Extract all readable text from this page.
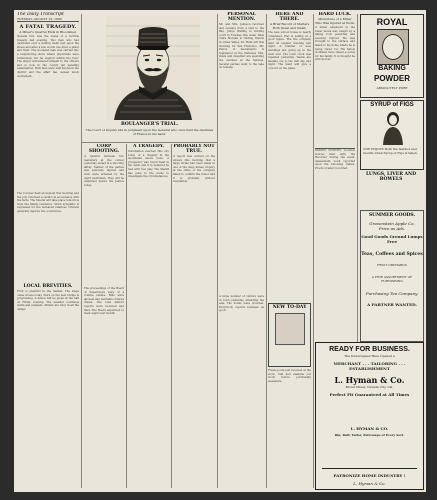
The Daily Transcript
TUESDAY, AUGUST 19, 1890
A FATAL TRAGEDY.
A Miner's Quarrel Ends in Bloodshed.
Nevada City was the scene of a terrible tragedy last evening. Two men who had quarreled over a mining claim met upon the street and after a few words one drew a pistol and fired. The wounded man was carried into a neighboring store where physicians were summoned, but he expired within the hour. The slayer surrendered himself to the officers and is now in the county jail awaiting examination. Both men were well known in the district and the affair has caused much excitement.
The Coroner held an inquest this morning and the jury returned a verdict in accordance with the facts. The funeral will take place tomorrow from the family residence. Much sympathy is expressed for the bereaved relatives. Citizens generally deplore the occurrence.
LOCAL BREVITIES.
Fruit is plentiful in the market. The stage came in late today. Work on the new bridge is progressing. A dance will be given at the hall on Friday evening. The weather continues warm and pleasant. Miners are busy in all the camps.
BOULANGER'S TRIAL.
The Court of Inquiry sits in judgment upon the General who once held the destinies of France in his hand.
CORP SHOOTING.
A quarrel between two teamsters at the corner yesterday ended in a shooting affray. Neither of the parties was seriously injured and both were arrested by the night watchman. They will be examined before the Justice today.
The proceedings of the Board of Supervisors were of a routine nature. Bills were allowed and warrants ordered drawn. The road district reports were received and filed. The Board adjourned to meet again next month.
A TRAGEDY.
Information reached this city today of a tragedy in the mountains above town. A prospector was found dead in his cabin and it is believed he met with foul play. The Sheriff has gone to the scene to investigate the circumstances.
PROBABLY NOT TRUE.
A report was current on the streets this morning that a large strike had been made in one of the deep mines. Inquiry at the office of the company failed to confirm the rumor and it is probably without foundation.
PERSONAL MENTION.
Mr. and Mrs. Johnson returned last evening from a visit to the Bay. Judge Walling is holding court in Truckee this week. Miss Clara Morgan is visiting friends in Grass Valley. Dr. Hunt left this morning for San Francisco. Mr. Pierce of Sacramento is registered at the National. Mrs. Davis and daughter are spending the summer at the Springs. Several parties went to the lake on Sunday.
A large number of visitors were in town yesterday attending the sale. The hotels were crowded. Everybody reports business as good.
HERE AND THERE.
A Brief Record of Matters Both Great and Small.
The new school house is nearly completed. Hay is selling at a good figure. The fire company held its regular meeting last night. A number of new buildings are going up in the west end. The town clock was repaired yesterday. Teams are hauling ore to the mill day and night. The band will give a concert on the plaza.
NEW TO-DAY
Fresh goods just received at the store. Call and examine our stock before purchasing elsewhere.
HARD LUCK.
Misfortune of a Miner Who Was Injured at Work.
A miner employed in the lower levels was caught by a falling rock yesterday and severely injured. He was brought to the surface and taken to his home where he is being cared for. His fellow workmen have raised a purse for his family. It is thought he will recover.
MINING NOTICES. Location notices filed with the Recorder during the week. Assessment work reported upon the following claims. Proofs of labor recorded.
ROYAL
BAKING
POWDER
ABSOLUTELY PURE
SYRUP of FIGS
ONE ENJOYS Both the method and results when Syrup of Figs is taken.
LUNGS, LIVER AND BOWELS
SUMMER GOODS.
Gravenstein Apple Co.
Price as Ads.
Good Goods Ground Lumps Free
Teas, Coffees and Spices
FRUIT ORCHARDS
A FINE ASSORTMENT OF FURNISHING
Purchasing Tea Company.
A PARTNER WANTED.
READY FOR BUSINESS.
The Undersigned Have Opened a
MERCHANT . . . TAILORING . . . ESTABLISHMENT
L. Hyman & Co.
Broad Street, Nevada City, Cal.
Perfect Fit Guaranteed at All Times
L. HYMAN & CO.
Rip, Ruff, Tailor, Patronage of Every Sort.
PATRONIZE HOME INDUSTRY !
L. Hyman & Co.
